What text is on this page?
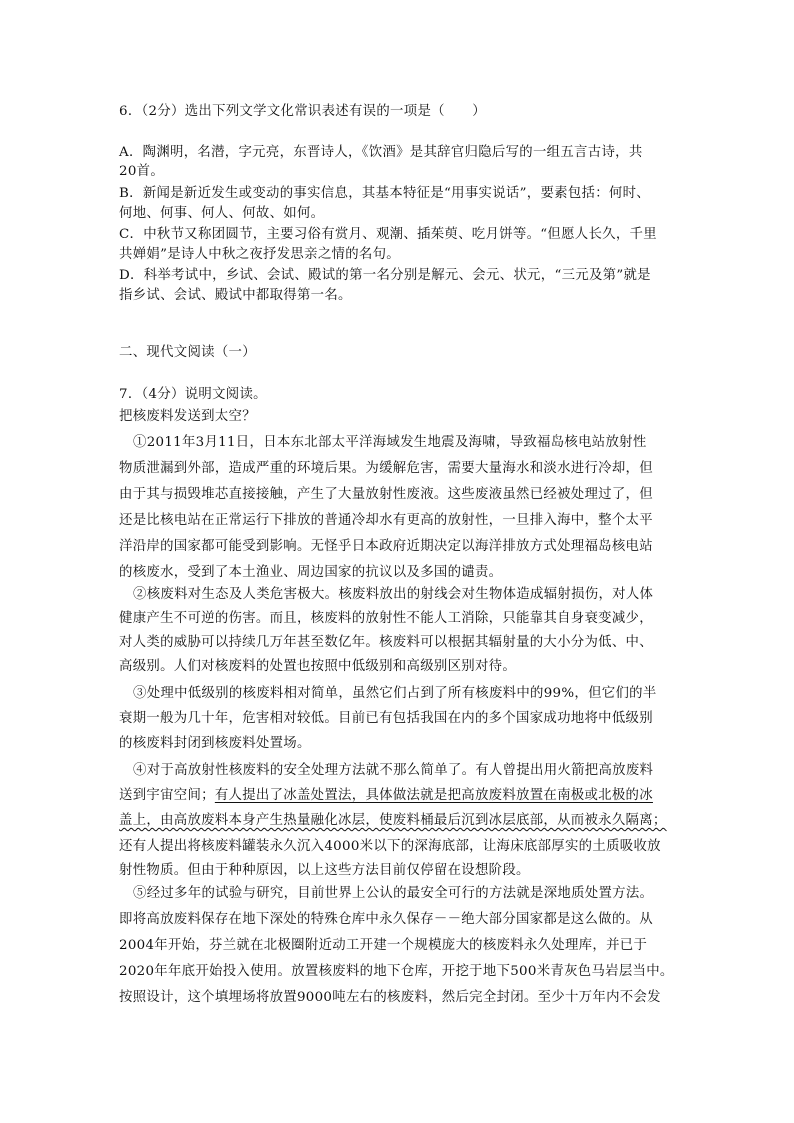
6．（2分）选出下列文学文化常识表述有误的一项是（　　）
A．陶渊明，名潜，字元亮，东晋诗人，《饮酒》是其辞官归隐后写的一组五言古诗，共
20首。
B．新闻是新近发生或变动的事实信息，其基本特征是“用事实说话”，要素包括：何时、
何地、何事、何人、何故、如何。
C．中秋节又称团圆节，主要习俗有赏月、观潮、插茱萸、吃月饼等。“但愿人长久，千里
共婵娟”是诗人中秋之夜抒发思亲之情的名句。
D．科举考试中，乡试、会试、殿试的第一名分别是解元、会元、状元，“三元及第”就是
指乡试、会试、殿试中都取得第一名。
二、现代文阅读（一）
7．（4分）说明文阅读。
把核废料发送到太空？
①2011年3月11日，日本东北部太平洋海域发生地震及海啸，导致福岛核电站放射性
物质泄漏到外部，造成严重的环境后果。为缓解危害，需要大量海水和淡水进行冷却，但
由于其与损毁堆芯直接接触，产生了大量放射性废液。这些废液虽然已经被处理过了，但
还是比核电站在正常运行下排放的普通冷却水有更高的放射性，一旦排入海中，整个太平
洋沿岸的国家都可能受到影响。无怪乎日本政府近期决定以海洋排放方式处理福岛核电站
的核废水，受到了本土渔业、周边国家的抗议以及多国的谴责。
②核废料对生态及人类危害极大。核废料放出的射线会对生物体造成辐射损伤，对人体
健康产生不可逆的伤害。而且，核废料的放射性不能人工消除，只能靠其自身衰变减少，
对人类的威胁可以持续几万年甚至数亿年。核废料可以根据其辐射量的大小分为低、中、
高级别。人们对核废料的处置也按照中低级别和高级别区别对待。
③处理中低级别的核废料相对简单，虽然它们占到了所有核废料中的99%，但它们的半
衰期一般为几十年，危害相对较低。目前已有包括我国在内的多个国家成功地将中低级别
的核废料封闭到核废料处置场。
④对于高放射性核废料的安全处理方法就不那么简单了。有人曾提出用火箭把高放废料
送到宇宙空间；有人提出了冰盖处置法，具体做法就是把高放废料放置在南极或北极的冰
盖上，由高放废料本身产生热量融化冰层，使废料桶最后沉到冰层底部，从而被永久隔离；
还有人提出将核废料罐装永久沉入4000米以下的深海底部，让海床底部厚实的土质吸收放
射性物质。但由于种种原因，以上这些方法目前仅停留在设想阶段。
⑤经过多年的试验与研究，目前世界上公认的最安全可行的方法就是深地质处置方法。
即将高放废料保存在地下深处的特殊仓库中永久保存－－绝大部分国家都是这么做的。从
2004年开始，芬兰就在北极圈附近动工开建一个规模庞大的核废料永久处理库，并已于
2020年年底开始投入使用。放置核废料的地下仓库，开挖于地下500米青灰色马岩层当中。
按照设计，这个填埋场将放置9000吨左右的核废料，然后完全封闭。至少十万年内不会发
